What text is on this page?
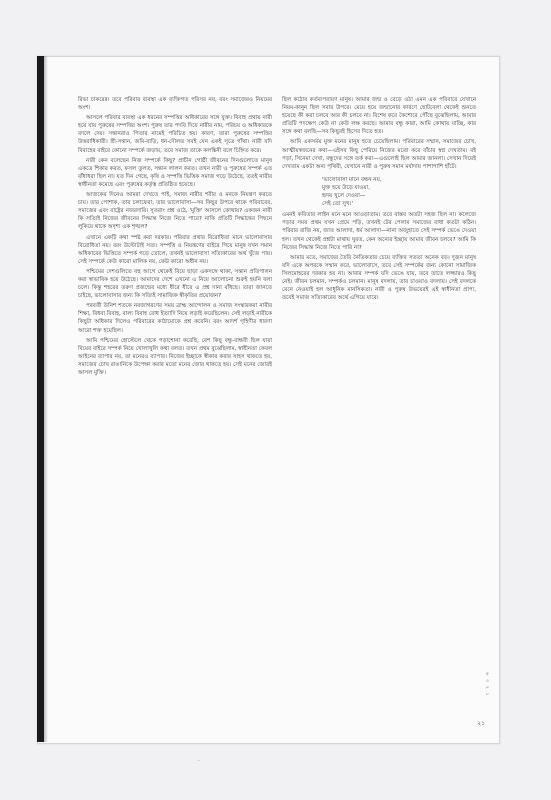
রিভা চাকরের। তবে পরিবার ব্যবস্থা এক ব্যক্তিগত পরিসর নয়, বরং সমাজেরও নিয়মের অংশ।

আসলে পরিবার ব্যবস্থা এক ধরনের সম্পত্তির অধিকারের সঙ্গে যুক্ত। বিবাহ প্রথায় নারী হয়ে যায় পুরুষের সম্পত্তির অংশ। পুরুষ তার পদবি দিয়ে নারীর নাম, পরিচয় ও অধিকারকে বদলে দেয়। সন্তানরাও পিতার নামেই পরিচিত হয়। কারণ, তারা পুরুষের সম্পত্তির উত্তরাধিকারী। স্ত্রী-সন্তান, জমি-বাড়ি, ধন-দৌলত সবই যেন একই সূত্রে গাঁথা। নারী যদি বিবাহের বাইরে কোনো সম্পর্কে জড়ায়, তবে সমাজ তাকে কলঙ্কিনী বলে চিহ্নিত করে।

নারী কেন বলেছেন নিজ সম্পর্কে কিছু? প্রাচীন গোষ্ঠী জীবনের দিনগুলোতে মানুষ একত্রে শিকার করত, ফসল তুলত, সন্তান লালন করত। তখন নারী ও পুরুষের সম্পর্ক এত বাঁধাধরা ছিল না। যত দিন গেছে, কৃষি ও সম্পত্তি ভিত্তিক সমাজ গড়ে উঠেছে, ততই নারীর স্বাধীনতা কমেছে এবং পুরুষের কর্তৃত্ব প্রতিষ্ঠিত হয়েছে।

আজকের দিনেও আমরা দেখতে পাই, সমাজ নারীর শরীর ও মনকে নিয়ন্ত্রণ করতে চায়। তার পোশাক, তার চলাফেরা, তার ভালোবাসা—সব কিছুর উপরে থাকে পরিবারের, সমাজের এবং রাষ্ট্রের নজরদারি। সুতরাং প্রশ্ন ওঠে, 'মুক্তি' আসলে কোথায়? একজন নারী কি সত্যিই নিজের জীবনের সিদ্ধান্ত নিজে নিতে পারে? নাকি প্রতিটি সিদ্ধান্তের পিছনে লুকিয়ে থাকে অদৃশ্য এক শৃঙ্খল?

এখানে একটি কথা স্পষ্ট করা দরকার। পরিবার প্রথার বিরোধিতা মানে ভালোবাসার বিরোধিতা নয়। বরং উল্টোটাই সত্য। সম্পত্তি ও নিয়ন্ত্রণের বাইরে গিয়ে মানুষ যখন সমান অধিকারের ভিত্তিতে সম্পর্ক গড়ে তোলে, তখনই ভালোবাসা সত্যিকারের অর্থ খুঁজে পায়। সেই সম্পর্কে কেউ কারো মালিক নয়, কেউ কারো অধীন নয়।

পশ্চিমের দেশগুলিতে বহু আগে থেকেই বিয়ে ছাড়া একসঙ্গে থাকা, সন্তান প্রতিপালন করা স্বাভাবিক হয়ে উঠেছে। আমাদের দেশে এখনো এ নিয়ে আলোচনা শুরুই হয়নি বলা চলে। কিন্তু শহরের তরুণ প্রজন্মের মধ্যে ধীরে ধীরে এ প্রশ্ন দানা বাঁধছে। তারা জানতে চাইছে, ভালোবাসার জন্য কি সত্যিই সামাজিক স্বীকৃতির প্রয়োজন?

পরবর্তী উনিশ শতকে নবজাগরণের সময় ব্রাহ্ম আন্দোলন ও সমাজ সংস্কারকরা নারীর শিক্ষা, বিধবা বিবাহ, বাল্য বিবাহ রোধ ইত্যাদি নিয়ে লড়াই করেছিলেন। সেই লড়াই নারীকে কিছুটা অধিকার দিলেও পরিবারের কাঠামোকে প্রশ্ন করেনি। বরং আদর্শ গৃহিণীর ধারণা আরো শক্ত হয়েছিল।

আমি পশ্চিমের হোস্টেলে থেকে পড়াশোনা করেছি, বেশ কিছু বন্ধু-বান্ধবী ছিল যারা বিয়ের বাইরে সম্পর্ক নিয়ে খোলাখুলি কথা বলত। তখন প্রথম বুঝেছিলাম, স্বাধীনতা কেবল আইনের ব্যাপার নয়, তা মনেরও ব্যাপার। নিজের ইচ্ছাকে স্বীকার করার সাহস থাকতে হয়, সমাজের চোখ রাঙানিকে উপেক্ষা করার মতো মনের জোর থাকতে হয়। সেই মনের জোরই আসল মুক্তি।

ছিল কঠোর কর্তব্যপরায়ণ মানুষ। আমার জন্ম ও বেড়ে ওঠা এমন এক পরিবারে যেখানে নিয়ম-কানুন ছিল সবার উপরে। মেয়ে হয়ে জন্মানোর কারণে ছোটবেলা থেকেই শুনতে হয়েছে কী করা চলবে আর কী চলবে না। বিশেষ করে কৈশোরে পৌঁছে বুঝেছিলাম, আমার প্রতিটি পদক্ষেপ কেউ না কেউ লক্ষ করছে। আমার বন্ধু কারা, আমি কোথায় যাচ্ছি, কার সঙ্গে কথা বলছি—সব কিছুরই হিসেব দিতে হত।

আমি একসময় মুক্ত মনের মানুষ হতে চেয়েছিলাম। পরিবারের সম্মান, সমাজের চোখ, আত্মীয়স্বজনের কথা—এইসব কিছু পেরিয়ে নিজের মতো করে বাঁচার স্বপ্ন দেখতাম। বই পড়া, সিনেমা দেখা, বন্ধুদের সঙ্গে তর্ক করা—এগুলোই ছিল আমার জানলা। সেখান দিয়েই দেখতাম একটা অন্য পৃথিবী, যেখানে নারী ও পুরুষ সমান মর্যাদায় পাশাপাশি হাঁটে।

'ভালোবাসা মানে বন্ধন নয়,

মুক্ত হয়ে উড়ে যাওয়া,

হৃদয় খুলে দেওয়া—

সেই তো সুখ।'

এমনই কবিতার লাইন মনে মনে আওড়াতাম। তবে বাস্তব অতটা সহজ ছিল না। কলেজে পড়ার সময় প্রথম যখন প্রেমে পড়ি, তখনই টের পেলাম সমাজের বাধা কতটা কঠিন। পরিবার রাজি নয়, জাত আলাদা, ধর্ম আলাদা—নানা অজুহাতে সেই সম্পর্ক ভেঙে দেওয়া হল। তখন থেকেই প্রশ্নটা মাথায় ঘুরত, কেন অন্যের ইচ্ছায় আমার জীবন চলবে? আমি কি নিজের সিদ্ধান্ত নিজে নিতে পারি না?

আমার মতে, সমাজের তৈরি নৈতিকতার চেয়ে ব্যক্তির সততা অনেক বড়। দুজন মানুষ যদি একে অপরকে সম্মান করে, ভালোবাসে, তবে সেই সম্পর্কের জন্য কোনো সামাজিক সিলমোহরের দরকার হয় না। আবার সম্পর্ক যদি ভেঙে যায়, তবে তাতে লজ্জারও কিছু নেই। জীবন চলমান, সম্পর্কও চলমান। মানুষ বদলায়, তার চাওয়াও বদলায়। সেই বদলকে মেনে নেওয়াই হল আধুনিক মানসিকতা। নারী ও পুরুষ উভয়েরই এই স্বাধীনতা প্রাপ্য, তবেই সমাজ সত্যিকারের অর্থে এগিয়ে যাবে।

৬ ৩ ২ ১
২১
·
